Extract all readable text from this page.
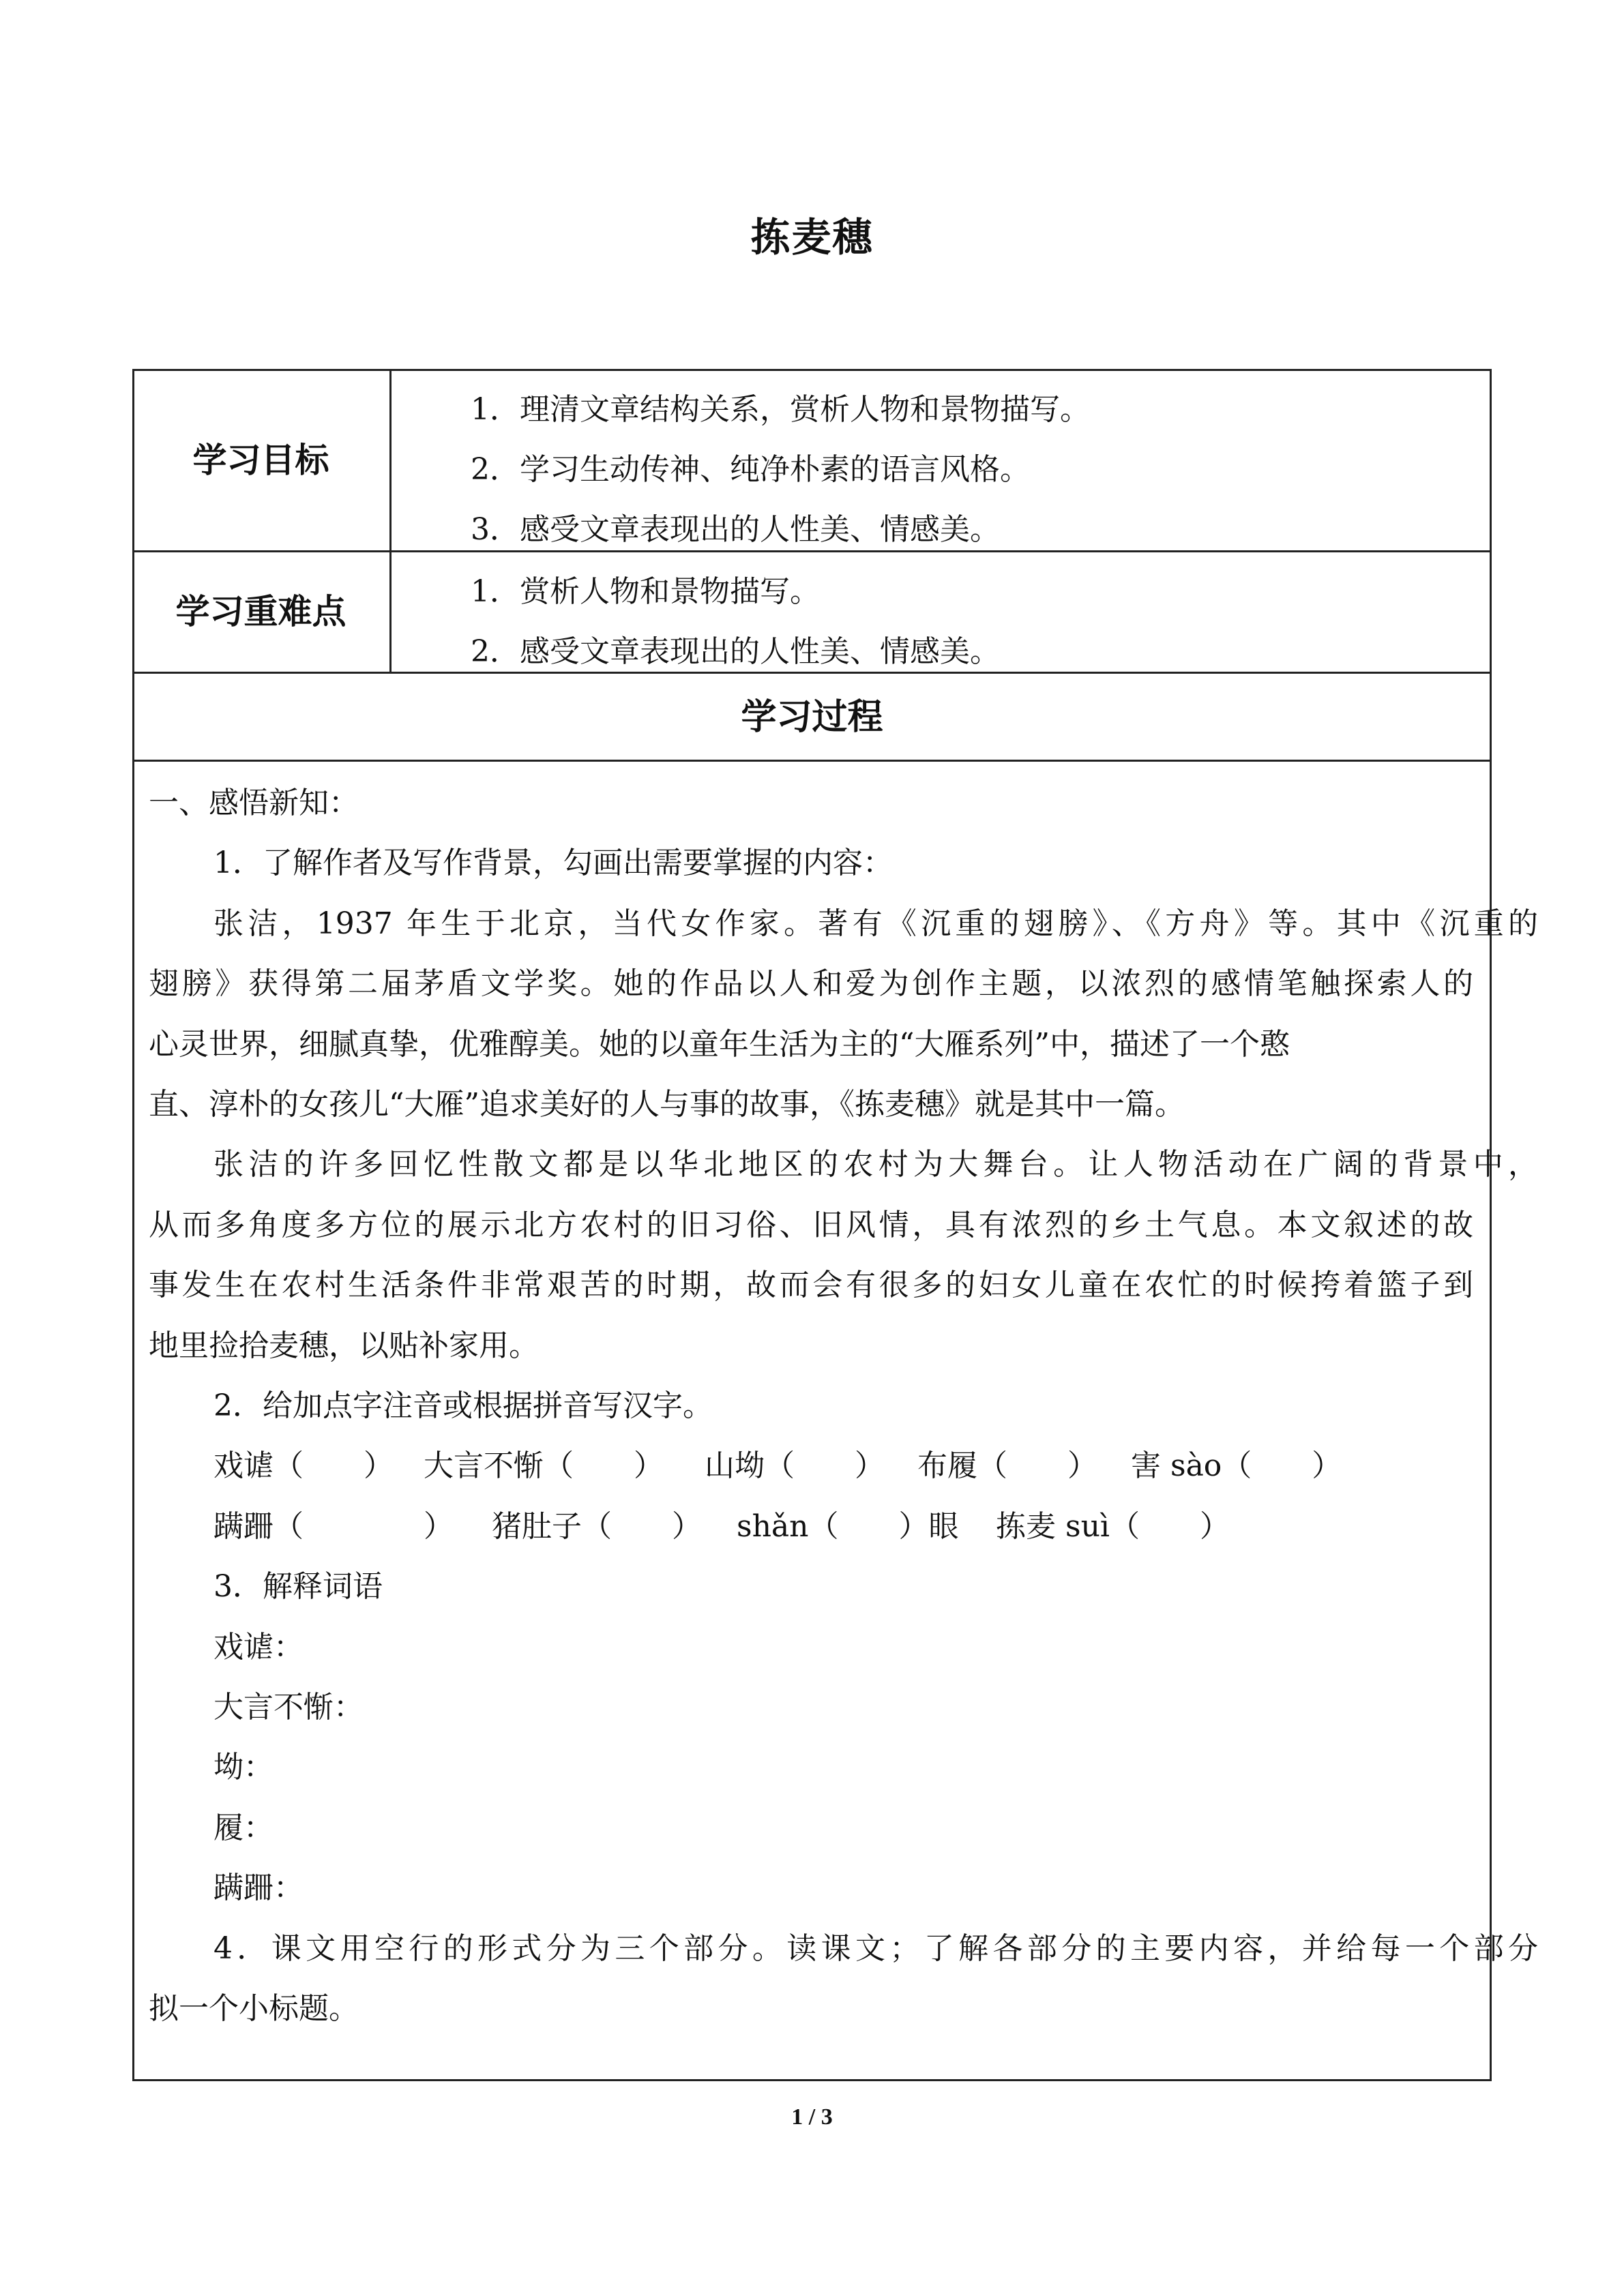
拣麦穗
学习目标
1．理清文章结构关系，赏析人物和景物描写。
2．学习生动传神、纯净朴素的语言风格。
3．感受文章表现出的人性美、情感美。
学习重难点
1．赏析人物和景物描写。
2．感受文章表现出的人性美、情感美。
学习过程
一、感悟新知：
1．了解作者及写作背景，勾画出需要掌握的内容：
张洁，1937 年生于北京，当代女作家。著有《沉重的翅膀》、《方舟》等。其中《沉重的
翅膀》获得第二届茅盾文学奖。她的作品以人和爱为创作主题，以浓烈的感情笔触探索人的
心灵世界，细腻真挚，优雅醇美。她的以童年生活为主的“大雁系列”中，描述了一个憨
直、淳朴的女孩儿“大雁”追求美好的人与事的故事，《拣麦穗》就是其中一篇。
张洁的许多回忆性散文都是以华北地区的农村为大舞台。让人物活动在广阔的背景中，
从而多角度多方位的展示北方农村的旧习俗、旧风情，具有浓烈的乡土气息。本文叙述的故
事发生在农村生活条件非常艰苦的时期，故而会有很多的妇女儿童在农忙的时候挎着篮子到
地里捡拾麦穗，以贴补家用。
2．给加点字注音或根据拼音写汉字。
戏谑（　　） 大言不惭（　　） 山坳（　　） 布履（　　） 害 sào（　　）
蹒跚（　　　　） 猪肚子（　　） shǎn（　　）眼 拣麦 suì（　　）
3．解释词语
戏谑：
大言不惭：
坳：
履：
蹒跚：
4．课文用空行的形式分为三个部分。读课文；了解各部分的主要内容，并给每一个部分
拟一个小标题。
1 / 3
